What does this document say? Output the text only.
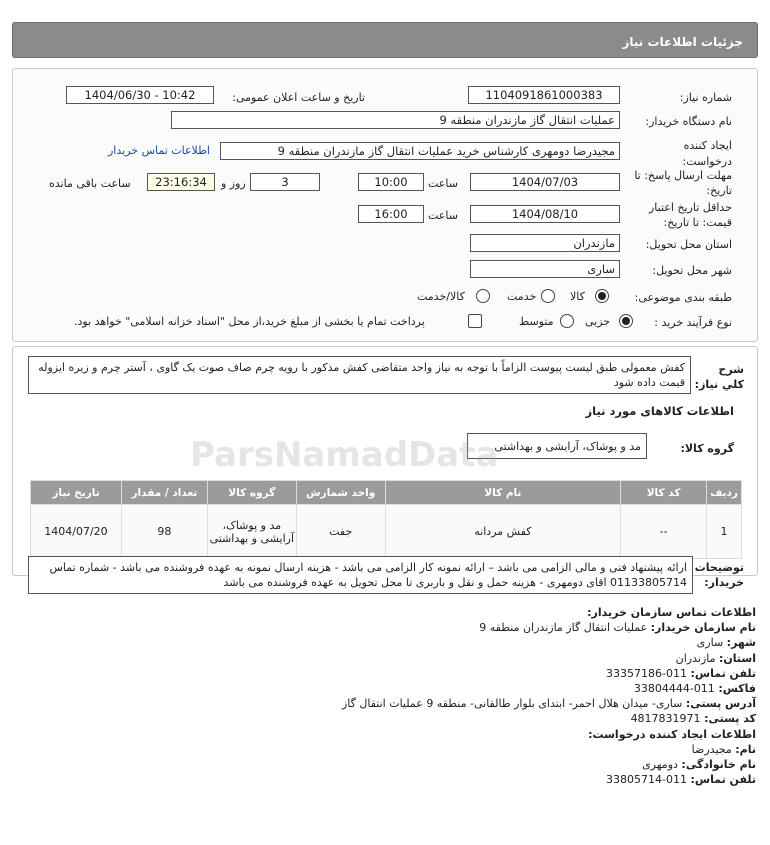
جزئیات اطلاعات نیاز
شماره نیاز:
1104091861000383
تاریخ و ساعت اعلان عمومی:
1404/06/30 - 10:42
نام دستگاه خریدار:
عملیات انتقال گاز مازندران منطقه 9
ایجاد کننده درخواست:
مجیدرضا دومهری کارشناس خرید عملیات انتقال گاز مازندران منطقه 9
اطلاعات تماس خریدار
مهلت ارسال پاسخ: تا تاریخ:
1404/07/03
ساعت
10:00
3
روز و
23:16:34
ساعت باقی مانده
حداقل تاریخ اعتبار قیمت: تا تاریخ:
1404/08/10
ساعت
16:00
استان محل تحویل:
مازندران
شهر محل تحویل:
ساری
طبقه بندی موضوعی:
کالا
خدمت
کالا/خدمت
نوع فرآیند خرید :
جزیی
متوسط
پرداخت تمام یا بخشی از مبلغ خرید،از محل "اسناد خزانه اسلامی" خواهد بود.
شرح کلي نياز:
کفش معمولی طبق لیست پیوست الزاماً با توجه به نیاز واحد متقاضی کفش مذکور با رویه چرم صاف صوت یک گاوی ، آستر چرم و زیره ایزوله قیمت داده شود
اطلاعات کالاهای مورد نیاز
گروه کالا:
مد و پوشاک، آرایشی و بهداشتی
ردیف	کد کالا	نام کالا	واحد شمارش	گروه کالا	تعداد / مقدار	تاریخ نیاز
1	--	کفش مردانه	جفت	مد و پوشاک، آرایشی و بهداشتی	98	1404/07/20
توضیحات خریدار:
ارائه پیشنهاد فنی و مالی الزامی می باشد – ارائه نمونه کار الزامی می باشد - هزینه ارسال نمونه به عهده فروشنده می باشد - شماره تماس 01133805714 اقای دومهری - هزینه حمل و نقل و باربری تا محل تحویل به عهده فروشنده می باشد
اطلاعات تماس سازمان خریدار:
نام سازمان خریدار: عملیات انتقال گاز مازندران منطقه 9
شهر: ساری
استان: مازندران
تلفن تماس: 011-33357186
فاکس: 011-33804444
آدرس پستی: ساری- میدان هلال احمر- ابتدای بلوار طالقانی- منطقه 9 عملیات انتقال گاز
کد پستی: 4817831971
اطلاعات ایجاد کننده درخواست:
نام: مجیدرضا
نام خانوادگی: دومهری
تلفن تماس: 011-33805714
ParsNamadData
